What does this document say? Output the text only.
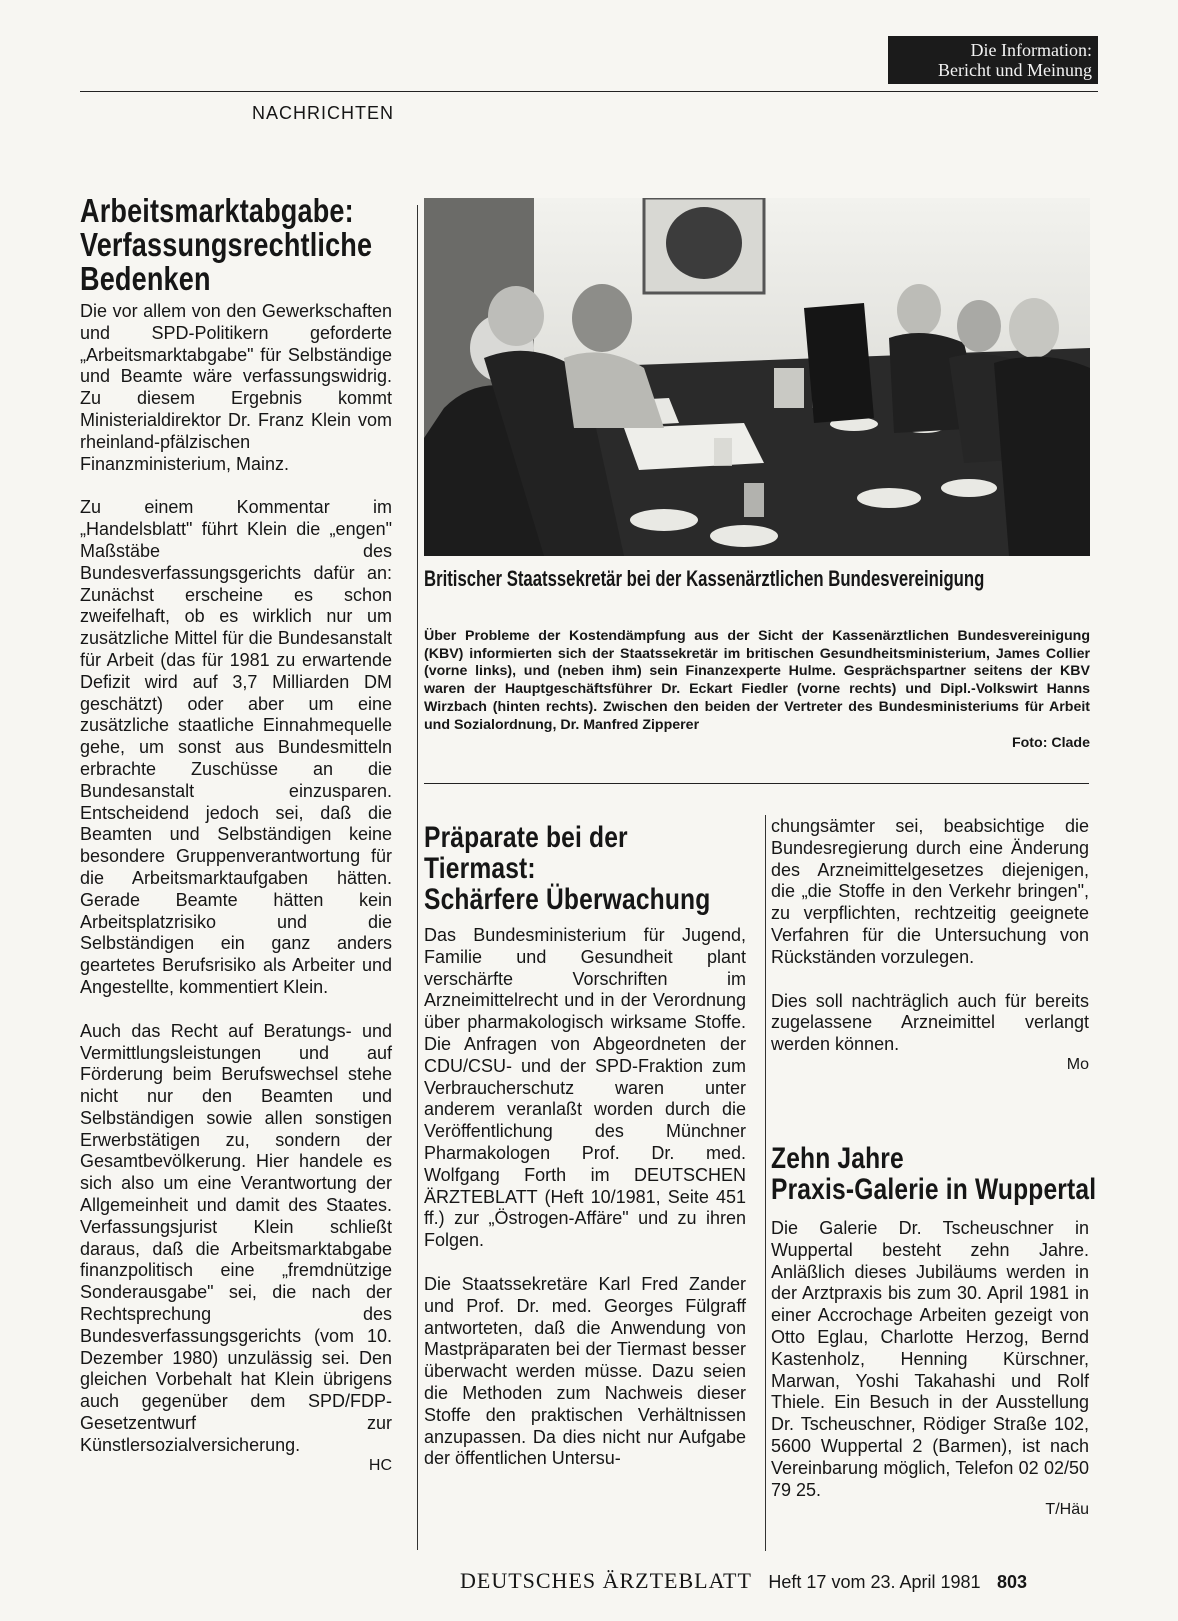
Die Information:
Bericht und Meinung
NACHRICHTEN
Arbeitsmarktabgabe:
Verfassungsrechtliche
Bedenken
Die vor allem von den Gewerkschaften und SPD-Politikern geforderte „Arbeitsmarktabgabe" für Selbständige und Beamte wäre verfassungswidrig. Zu diesem Ergebnis kommt Ministerialdirektor Dr. Franz Klein vom rheinland-pfälzischen Finanzministerium, Mainz.
Zu einem Kommentar im „Handelsblatt" führt Klein die „engen" Maßstäbe des Bundesverfassungsgerichts dafür an: Zunächst erscheine es schon zweifelhaft, ob es wirklich nur um zusätzliche Mittel für die Bundesanstalt für Arbeit (das für 1981 zu erwartende Defizit wird auf 3,7 Milliarden DM geschätzt) oder aber um eine zusätzliche staatliche Einnahmequelle gehe, um sonst aus Bundesmitteln erbrachte Zuschüsse an die Bundesanstalt einzusparen. Entscheidend jedoch sei, daß die Beamten und Selbständigen keine besondere Gruppenverantwortung für die Arbeitsmarktaufgaben hätten. Gerade Beamte hätten kein Arbeitsplatzrisiko und die Selbständigen ein ganz anders geartetes Berufsrisiko als Arbeiter und Angestellte, kommentiert Klein.
Auch das Recht auf Beratungs- und Vermittlungsleistungen und auf Förderung beim Berufswechsel stehe nicht nur den Beamten und Selbständigen sowie allen sonstigen Erwerbstätigen zu, sondern der Gesamtbevölkerung. Hier handele es sich also um eine Verantwortung der Allgemeinheit und damit des Staates. Verfassungsjurist Klein schließt daraus, daß die Arbeitsmarktabgabe finanzpolitisch eine „fremdnützige Sonderausgabe" sei, die nach der Rechtsprechung des Bundesverfassungsgerichts (vom 10. Dezember 1980) unzulässig sei. Den gleichen Vorbehalt hat Klein übrigens auch gegenüber dem SPD/FDP-Gesetzentwurf zur Künstlersozialversicherung.
HC
Britischer Staatssekretär bei der Kassenärztlichen Bundesvereinigung

Über Probleme der Kostendämpfung aus der Sicht der Kassenärztlichen Bundesvereinigung (KBV) informierten sich der Staatssekretär im britischen Gesundheitsministerium, James Collier (vorne links), und (neben ihm) sein Finanzexperte Hulme. Gesprächspartner seitens der KBV waren der Hauptgeschäftsführer Dr. Eckart Fiedler (vorne rechts) und Dipl.-Volkswirt Hanns Wirzbach (hinten rechts). Zwischen den beiden der Vertreter des Bundesministeriums für Arbeit und Sozialordnung, Dr. Manfred Zipperer

Foto: Clade

Präparate bei der
Tiermast:
Schärfere Überwachung
Das Bundesministerium für Jugend, Familie und Gesundheit plant verschärfte Vorschriften im Arzneimittelrecht und in der Verordnung über pharmakologisch wirksame Stoffe. Die Anfragen von Abgeordneten der CDU/CSU- und der SPD-Fraktion zum Verbraucherschutz waren unter anderem veranlaßt worden durch die Veröffentlichung des Münchner Pharmakologen Prof. Dr. med. Wolfgang Forth im DEUTSCHEN ÄRZTEBLATT (Heft 10/1981, Seite 451 ff.) zur „Östrogen-Affäre" und zu ihren Folgen.
Die Staatssekretäre Karl Fred Zander und Prof. Dr. med. Georges Fülgraff antworteten, daß die Anwendung von Mastpräparaten bei der Tiermast besser überwacht werden müsse. Dazu seien die Methoden zum Nachweis dieser Stoffe den praktischen Verhältnissen anzupassen. Da dies nicht nur Aufgabe der öffentlichen Untersu-
chungsämter sei, beabsichtige die Bundesregierung durch eine Änderung des Arzneimittelgesetzes diejenigen, die „die Stoffe in den Verkehr bringen", zu verpflichten, rechtzeitig geeignete Verfahren für die Untersuchung von Rückständen vorzulegen.
Dies soll nachträglich auch für bereits zugelassene Arzneimittel verlangt werden können.
Mo
Zehn Jahre
Praxis-Galerie in Wuppertal
Die Galerie Dr. Tscheuschner in Wuppertal besteht zehn Jahre. Anläßlich dieses Jubiläums werden in der Arztpraxis bis zum 30. April 1981 in einer Accrochage Arbeiten gezeigt von Otto Eglau, Charlotte Herzog, Bernd Kastenholz, Henning Kürschner, Marwan, Yoshi Takahashi und Rolf Thiele. Ein Besuch in der Ausstellung Dr. Tscheuschner, Rödiger Straße 102, 5600 Wuppertal 2 (Barmen), ist nach Vereinbarung möglich, Telefon 02 02/50 79 25.
T/Häu
DEUTSCHES ÄRZTEBLATT Heft 17 vom 23. April 1981 803
